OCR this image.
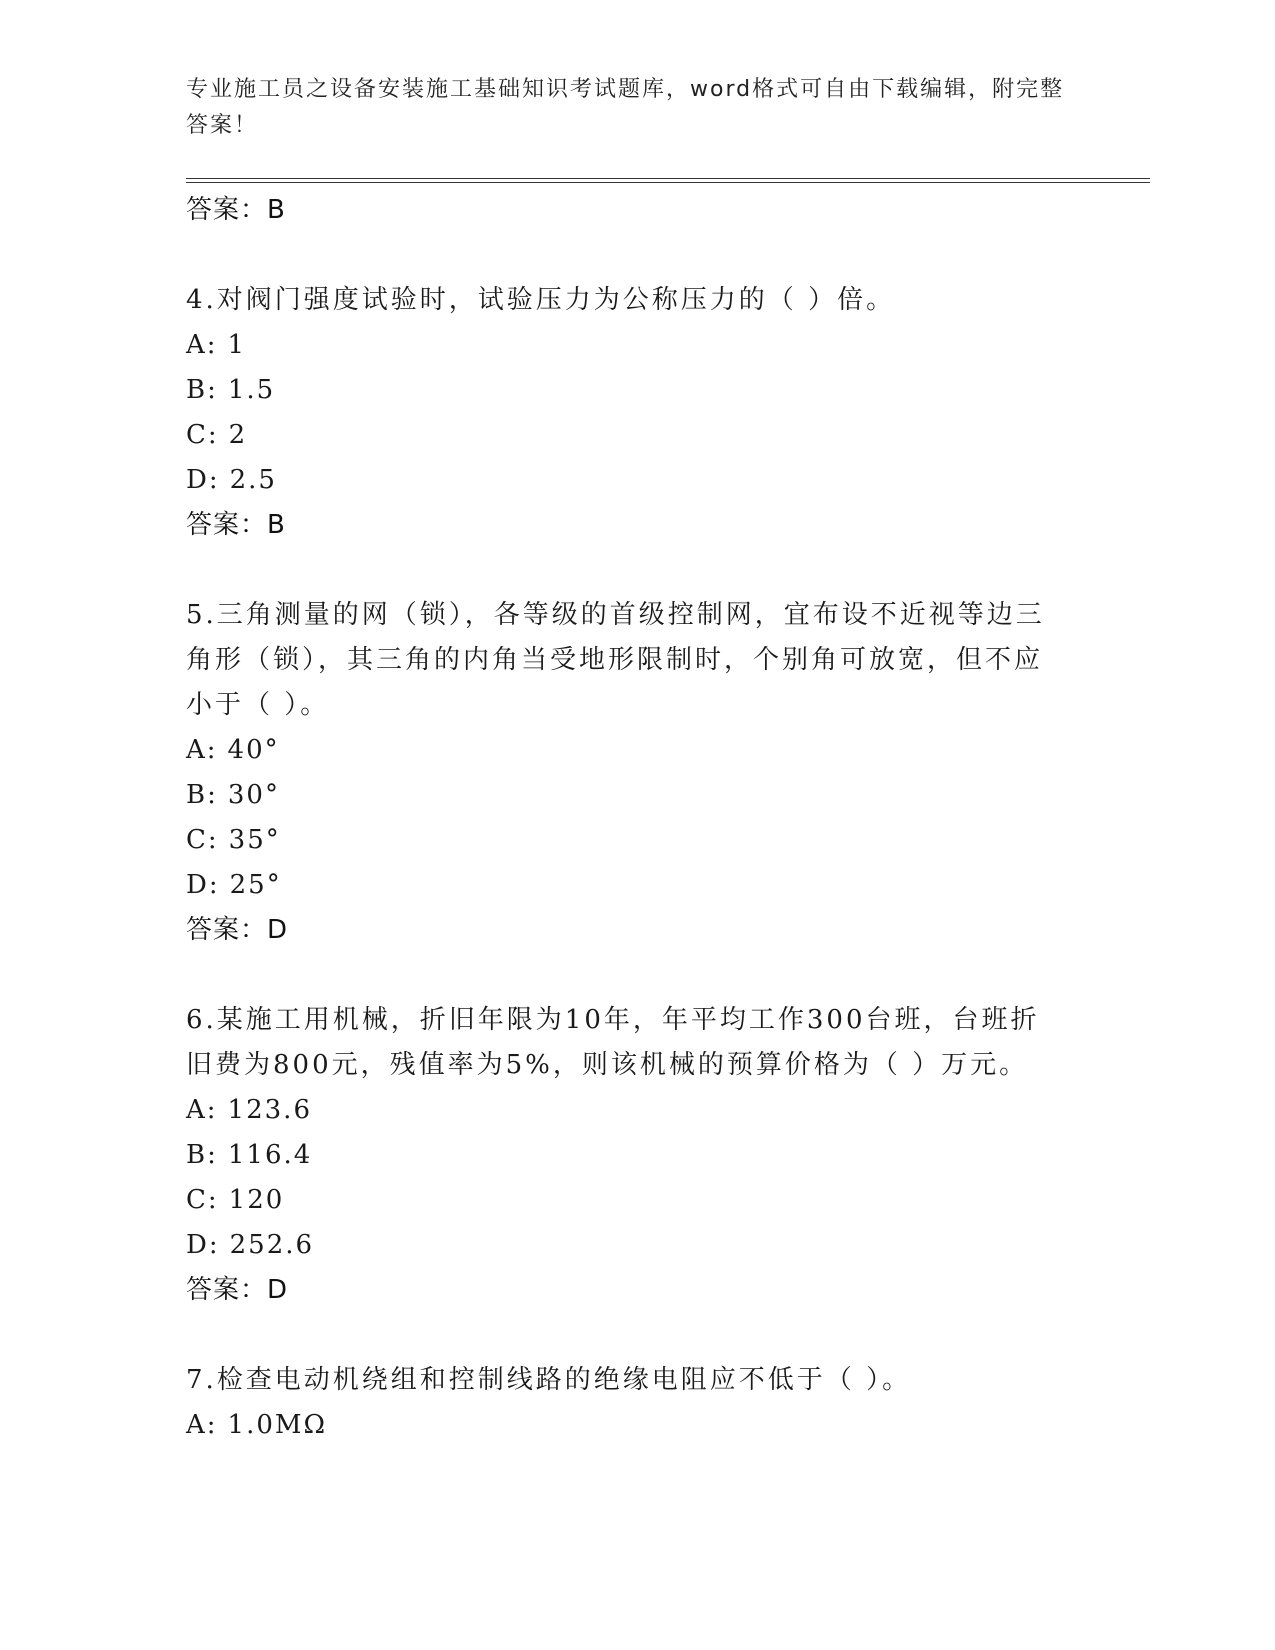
专业施工员之设备安装施工基础知识考试题库，word格式可自由下载编辑，附完整答案！
答案：B
4.对阀门强度试验时，试验压力为公称压力的（ ）倍。
A: 1
B: 1.5
C: 2
D: 2.5
答案：B
5.三角测量的网（锁），各等级的首级控制网，宜布设不近视等边三角形（锁），其三角的内角当受地形限制时，个别角可放宽，但不应小于（ ）。
A: 40°
B: 30°
C: 35°
D: 25°
答案：D
6.某施工用机械，折旧年限为10年，年平均工作300台班，台班折旧费为800元，残值率为5%，则该机械的预算价格为（ ）万元。
A: 123.6
B: 116.4
C: 120
D: 252.6
答案：D
7.检查电动机绕组和控制线路的绝缘电阻应不低于（ ）。
A: 1.0MΩ
